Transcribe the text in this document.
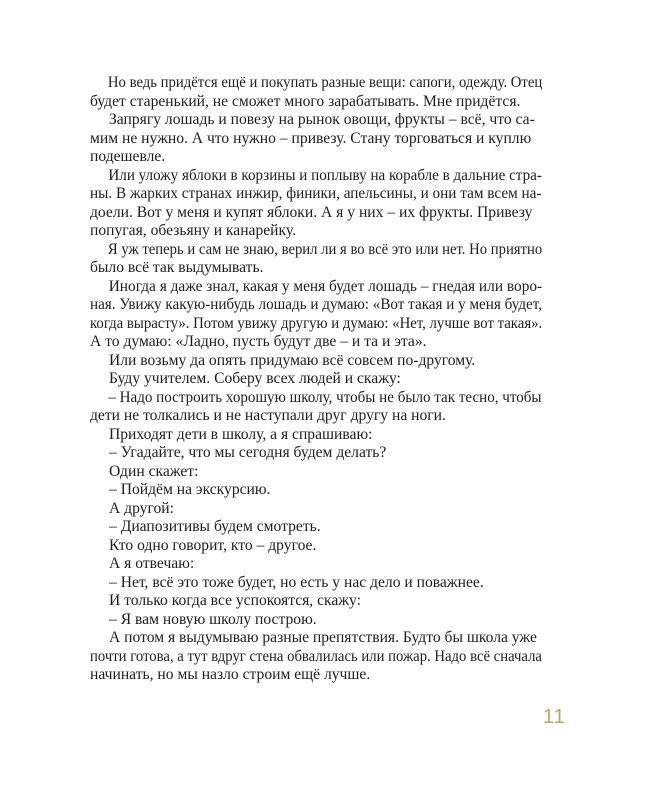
Но ведь придётся ещё и покупать разные вещи: сапоги, одежду. Отец
будет старенький, не сможет много зарабатывать. Мне придётся.
Запрягу лошадь и повезу на рынок овощи, фрукты – всё, что са-
мим не нужно. А что нужно – привезу. Стану торговаться и куплю
подешевле.
Или уложу яблоки в корзины и поплыву на корабле в дальние стра-
ны. В жарких странах инжир, финики, апельсины, и они там всем на-
доели. Вот у меня и купят яблоки. А я у них – их фрукты. Привезу
попугая, обезьяну и канарейку.
Я уж теперь и сам не знаю, верил ли я во всё это или нет. Но приятно
было всё так выдумывать.
Иногда я даже знал, какая у меня будет лошадь – гнедая или воро-
ная. Увижу какую-нибудь лошадь и думаю: «Вот такая и у меня будет,
когда вырасту». Потом увижу другую и думаю: «Нет, лучше вот такая».
А то думаю: «Ладно, пусть будут две – и та и эта».
Или возьму да опять придумаю всё совсем по-другому.
Буду учителем. Соберу всех людей и скажу:
– Надо построить хорошую школу, чтобы не было так тесно, чтобы
дети не толкались и не наступали друг другу на ноги.
Приходят дети в школу, а я спрашиваю:
– Угадайте, что мы сегодня будем делать?
Один скажет:
– Пойдём на экскурсию.
А другой:
– Диапозитивы будем смотреть.
Кто одно говорит, кто – другое.
А я отвечаю:
– Нет, всё это тоже будет, но есть у нас дело и поважнее.
И только когда все успокоятся, скажу:
– Я вам новую школу построю.
А потом я выдумываю разные препятствия. Будто бы школа уже
почти готова, а тут вдруг стена обвалилась или пожар. Надо всё сначала
начинать, но мы назло строим ещё лучше.
11
